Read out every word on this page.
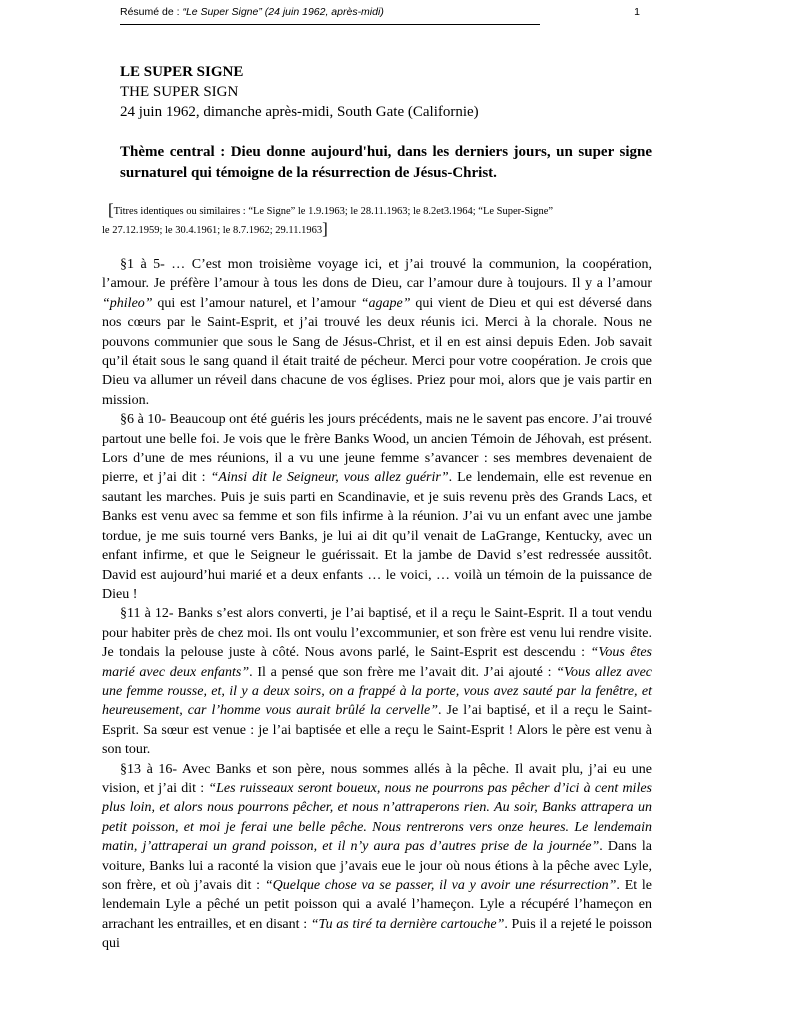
Résumé de : “Le Super Signe” (24 juin 1962, après-midi)	1
LE SUPER SIGNE
THE SUPER SIGN
24 juin 1962, dimanche après-midi, South Gate (Californie)
Thème central : Dieu donne aujourd'hui, dans les derniers jours, un super signe surnaturel qui témoigne de la résurrection de Jésus-Christ.
[Titres identiques ou similaires : “Le Signe” le 1.9.1963; le 28.11.1963; le 8.2et3.1964; “Le Super-Signe”
le 27.12.1959; le 30.4.1961; le 8.7.1962; 29.11.1963]

§1 à 5- … C’est mon troisième voyage ici, et j’ai trouvé la communion, la coopération, l’amour. Je préfère l’amour à tous les dons de Dieu, car l’amour dure à toujours. Il y a l’amour “phileo” qui est l’amour naturel, et l’amour “agape” qui vient de Dieu et qui est déversé dans nos cœurs par le Saint-Esprit, et j’ai trouvé les deux réunis ici. Merci à la chorale. Nous ne pouvons communier que sous le Sang de Jésus-Christ, et il en est ainsi depuis Eden. Job savait qu’il était sous le sang quand il était traité de pécheur. Merci pour votre coopération. Je crois que Dieu va allumer un réveil dans chacune de vos églises. Priez pour moi, alors que je vais partir en mission.

§6 à 10- Beaucoup ont été guéris les jours précédents, mais ne le savent pas encore. J’ai trouvé partout une belle foi. Je vois que le frère Banks Wood, un ancien Témoin de Jéhovah, est présent. Lors d’une de mes réunions, il a vu une jeune femme s’avancer : ses membres devenaient de pierre, et j’ai dit : “Ainsi dit le Seigneur, vous allez guérir”. Le lendemain, elle est revenue en sautant les marches. Puis je suis parti en Scandinavie, et je suis revenu près des Grands Lacs, et Banks est venu avec sa femme et son fils infirme à la réunion. J’ai vu un enfant avec une jambe tordue, je me suis tourné vers Banks, je lui ai dit qu’il venait de LaGrange, Kentucky, avec un enfant infirme, et que le Seigneur le guérissait. Et la jambe de David s’est redressée aussitôt. David est aujourd’hui marié et a deux enfants … le voici, … voilà un témoin de la puissance de Dieu !

§11 à 12- Banks s’est alors converti, je l’ai baptisé, et il a reçu le Saint-Esprit. Il a tout vendu pour habiter près de chez moi. Ils ont voulu l’excommunier, et son frère est venu lui rendre visite. Je tondais la pelouse juste à côté. Nous avons parlé, le Saint-Esprit est descendu : “Vous êtes marié avec deux enfants”. Il a pensé que son frère me l’avait dit. J’ai ajouté : “Vous allez avec une femme rousse, et, il y a deux soirs, on a frappé à la porte, vous avez sauté par la fenêtre, et heureusement, car l’homme vous aurait brûlé la cervelle”. Je l’ai baptisé, et il a reçu le Saint-Esprit. Sa sœur est venue : je l’ai baptisée et elle a reçu le Saint-Esprit ! Alors le père est venu à son tour.

§13 à 16- Avec Banks et son père, nous sommes allés à la pêche. Il avait plu, j’ai eu une vision, et j’ai dit : “Les ruisseaux seront boueux, nous ne pourrons pas pêcher d’ici à cent miles plus loin, et alors nous pourrons pêcher, et nous n’attraperons rien. Au soir, Banks attrapera un petit poisson, et moi je ferai une belle pêche. Nous rentrerons vers onze heures. Le lendemain matin, j’attraperai un grand poisson, et il n’y aura pas d’autres prise de la journée”. Dans la voiture, Banks lui a raconté la vision que j’avais eue le jour où nous étions à la pêche avec Lyle, son frère, et où j’avais dit : “Quelque chose va se passer, il va y avoir une résurrection”. Et le lendemain Lyle a pêché un petit poisson qui a avalé l’hameçon. Lyle a récupéré l’hameçon en arrachant les entrailles, et en disant : “Tu as tiré ta dernière cartouche”. Puis il a rejeté le poisson qui
